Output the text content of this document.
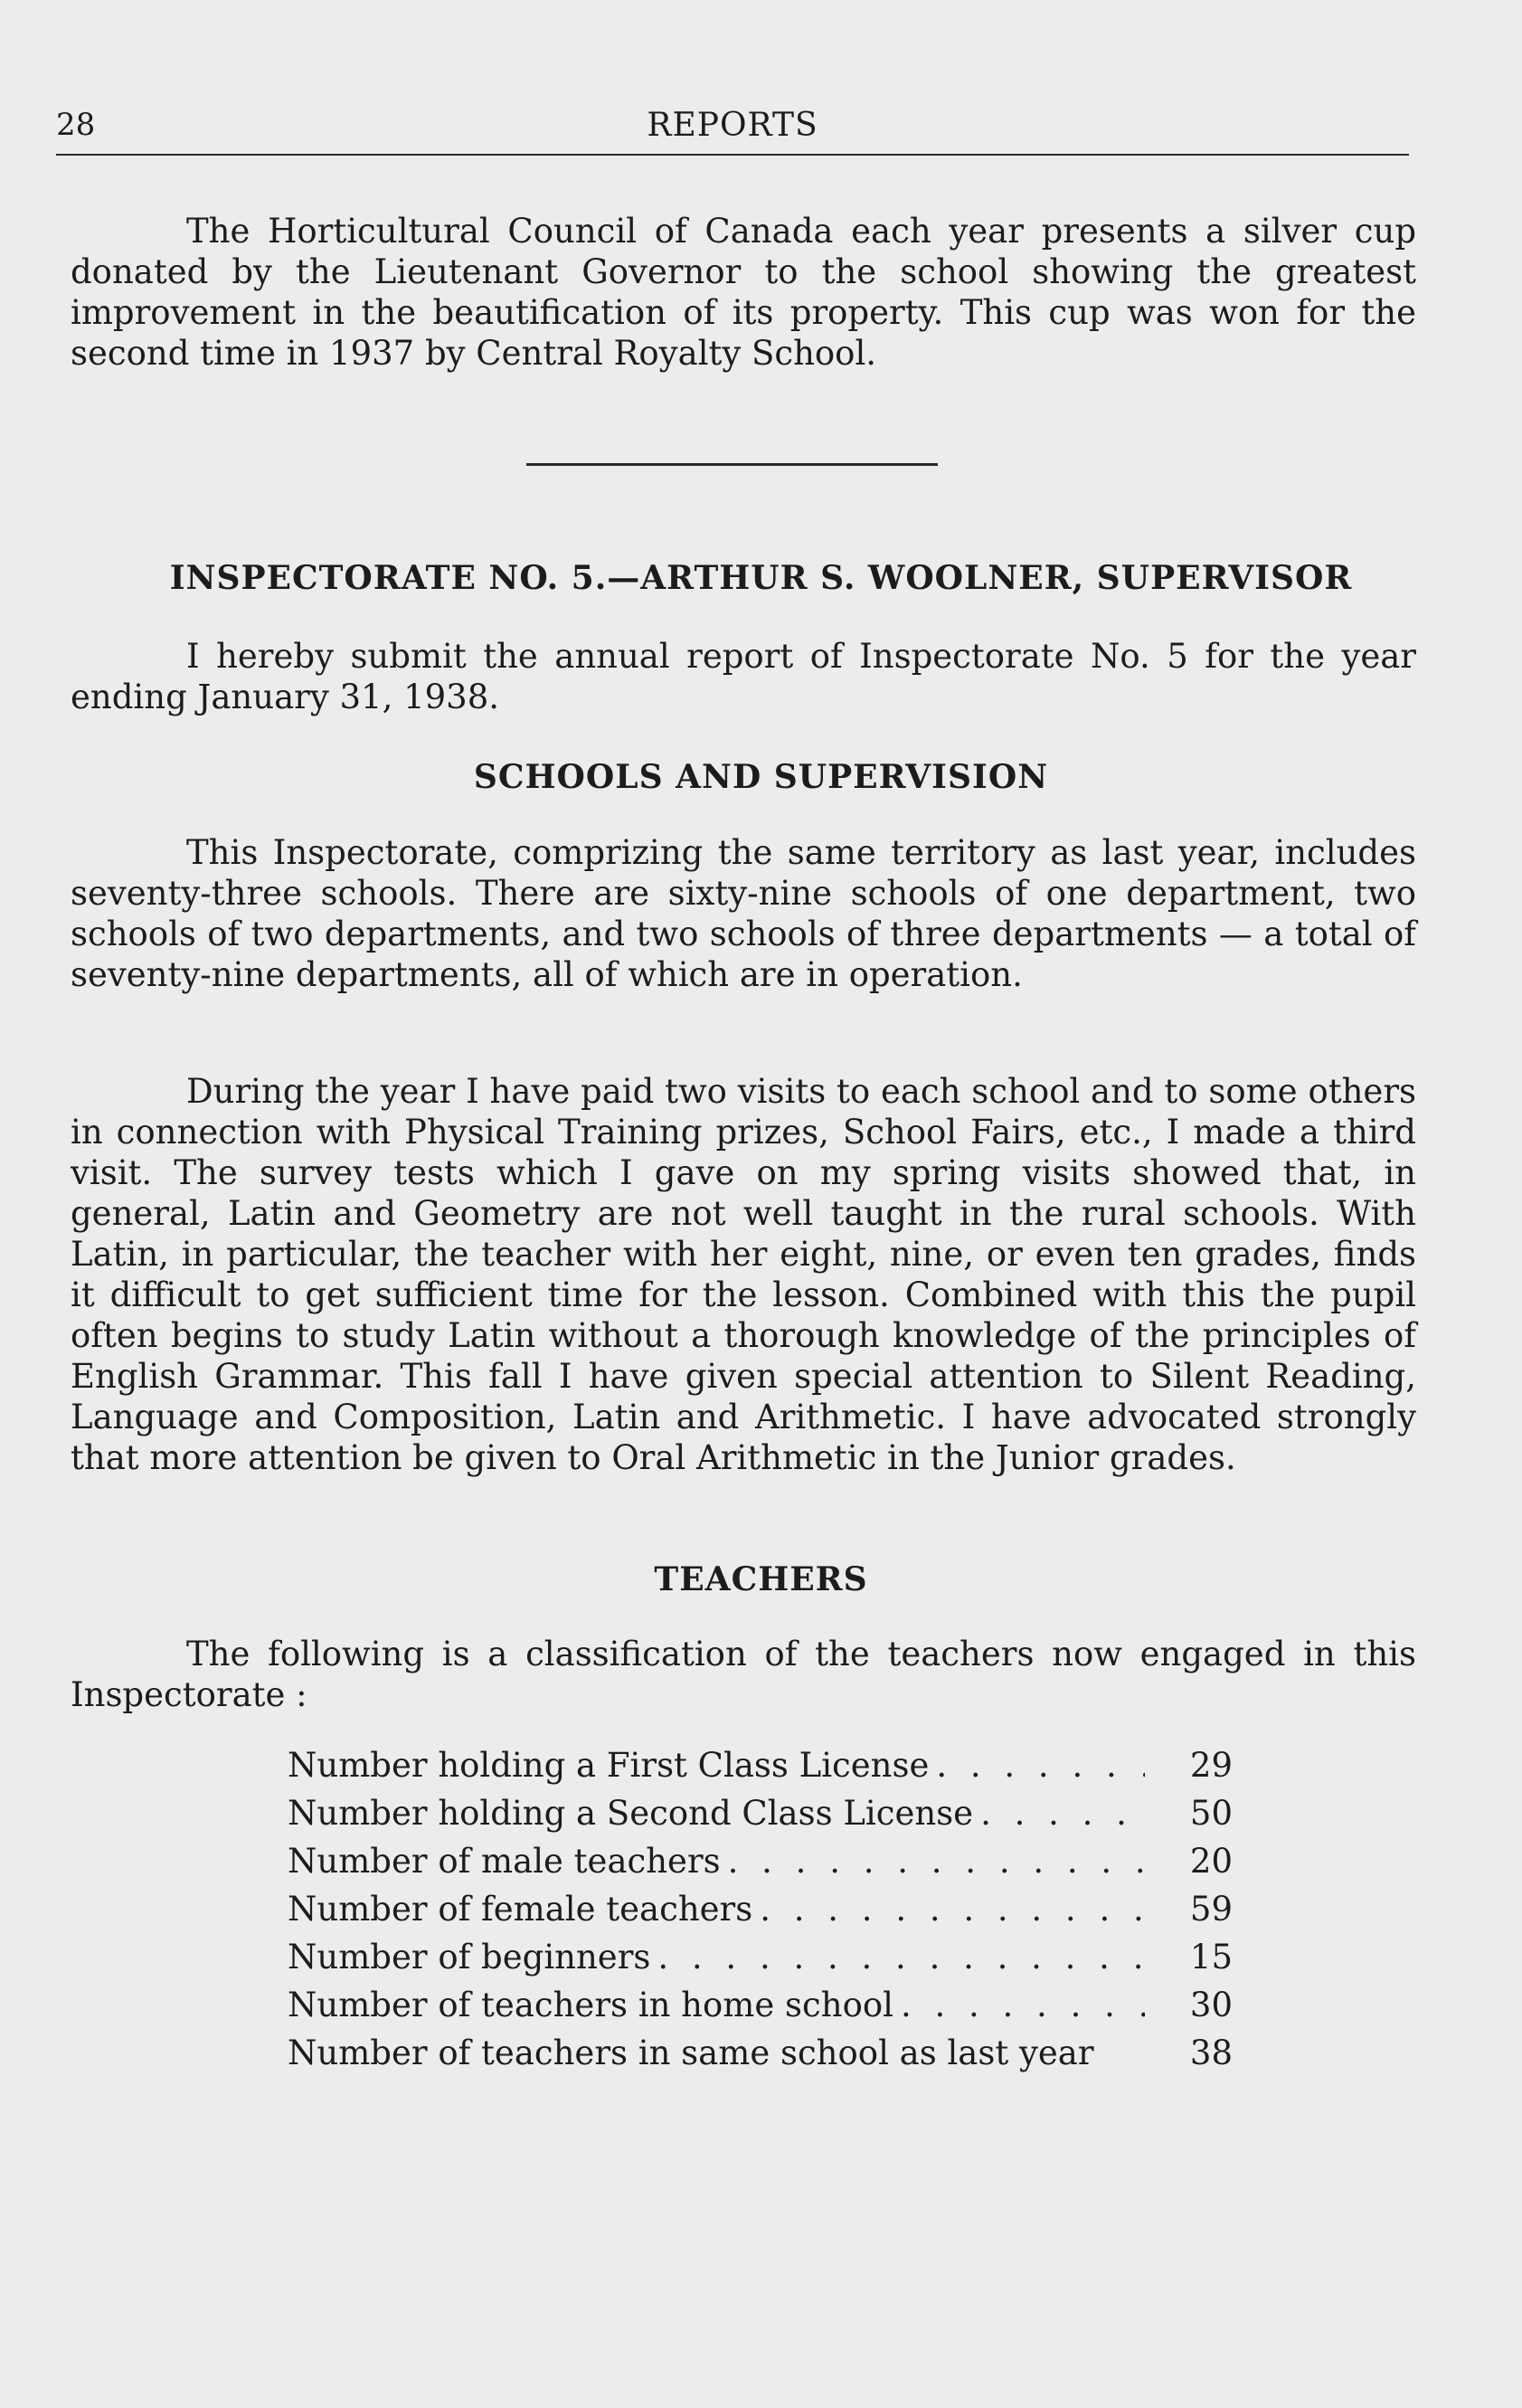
28	REPORTS

The Horticultural Council of Canada each year presents a silver cup donated by the Lieutenant Governor to the school showing the greatest improvement in the beautification of its property. This cup was won for the second time in 1937 by Central Royalty School.

INSPECTORATE NO. 5.—ARTHUR S. WOOLNER, SUPERVISOR

I hereby submit the annual report of Inspectorate No. 5 for the year ending January 31, 1938.

SCHOOLS AND SUPERVISION

This Inspectorate, comprizing the same territory as last year, includes seventy-three schools. There are sixty-nine schools of one department, two schools of two departments, and two schools of three departments — a total of seventy-nine departments, all of which are in operation.

During the year I have paid two visits to each school and to some others in connection with Physical Training prizes, School Fairs, etc., I made a third visit. The survey tests which I gave on my spring visits showed that, in general, Latin and Geometry are not well taught in the rural schools. With Latin, in particular, the teacher with her eight, nine, or even ten grades, finds it difficult to get sufficient time for the lesson. Combined with this the pupil often begins to study Latin without a thorough knowledge of the principles of English Grammar. This fall I have given special attention to Silent Reading, Language and Composition, Latin and Arithmetic. I have advocated strongly that more attention be given to Oral Arithmetic in the Junior grades.

TEACHERS

The following is a classification of the teachers now engaged in this Inspectorate :

Number holding a First Class License . . .	29
Number holding a Second Class License . . .	50
Number of male teachers . . .	20
Number of female teachers . . .	59
Number of beginners . . .	15
Number of teachers in home school . . .	30
Number of teachers in same school as last year	38
